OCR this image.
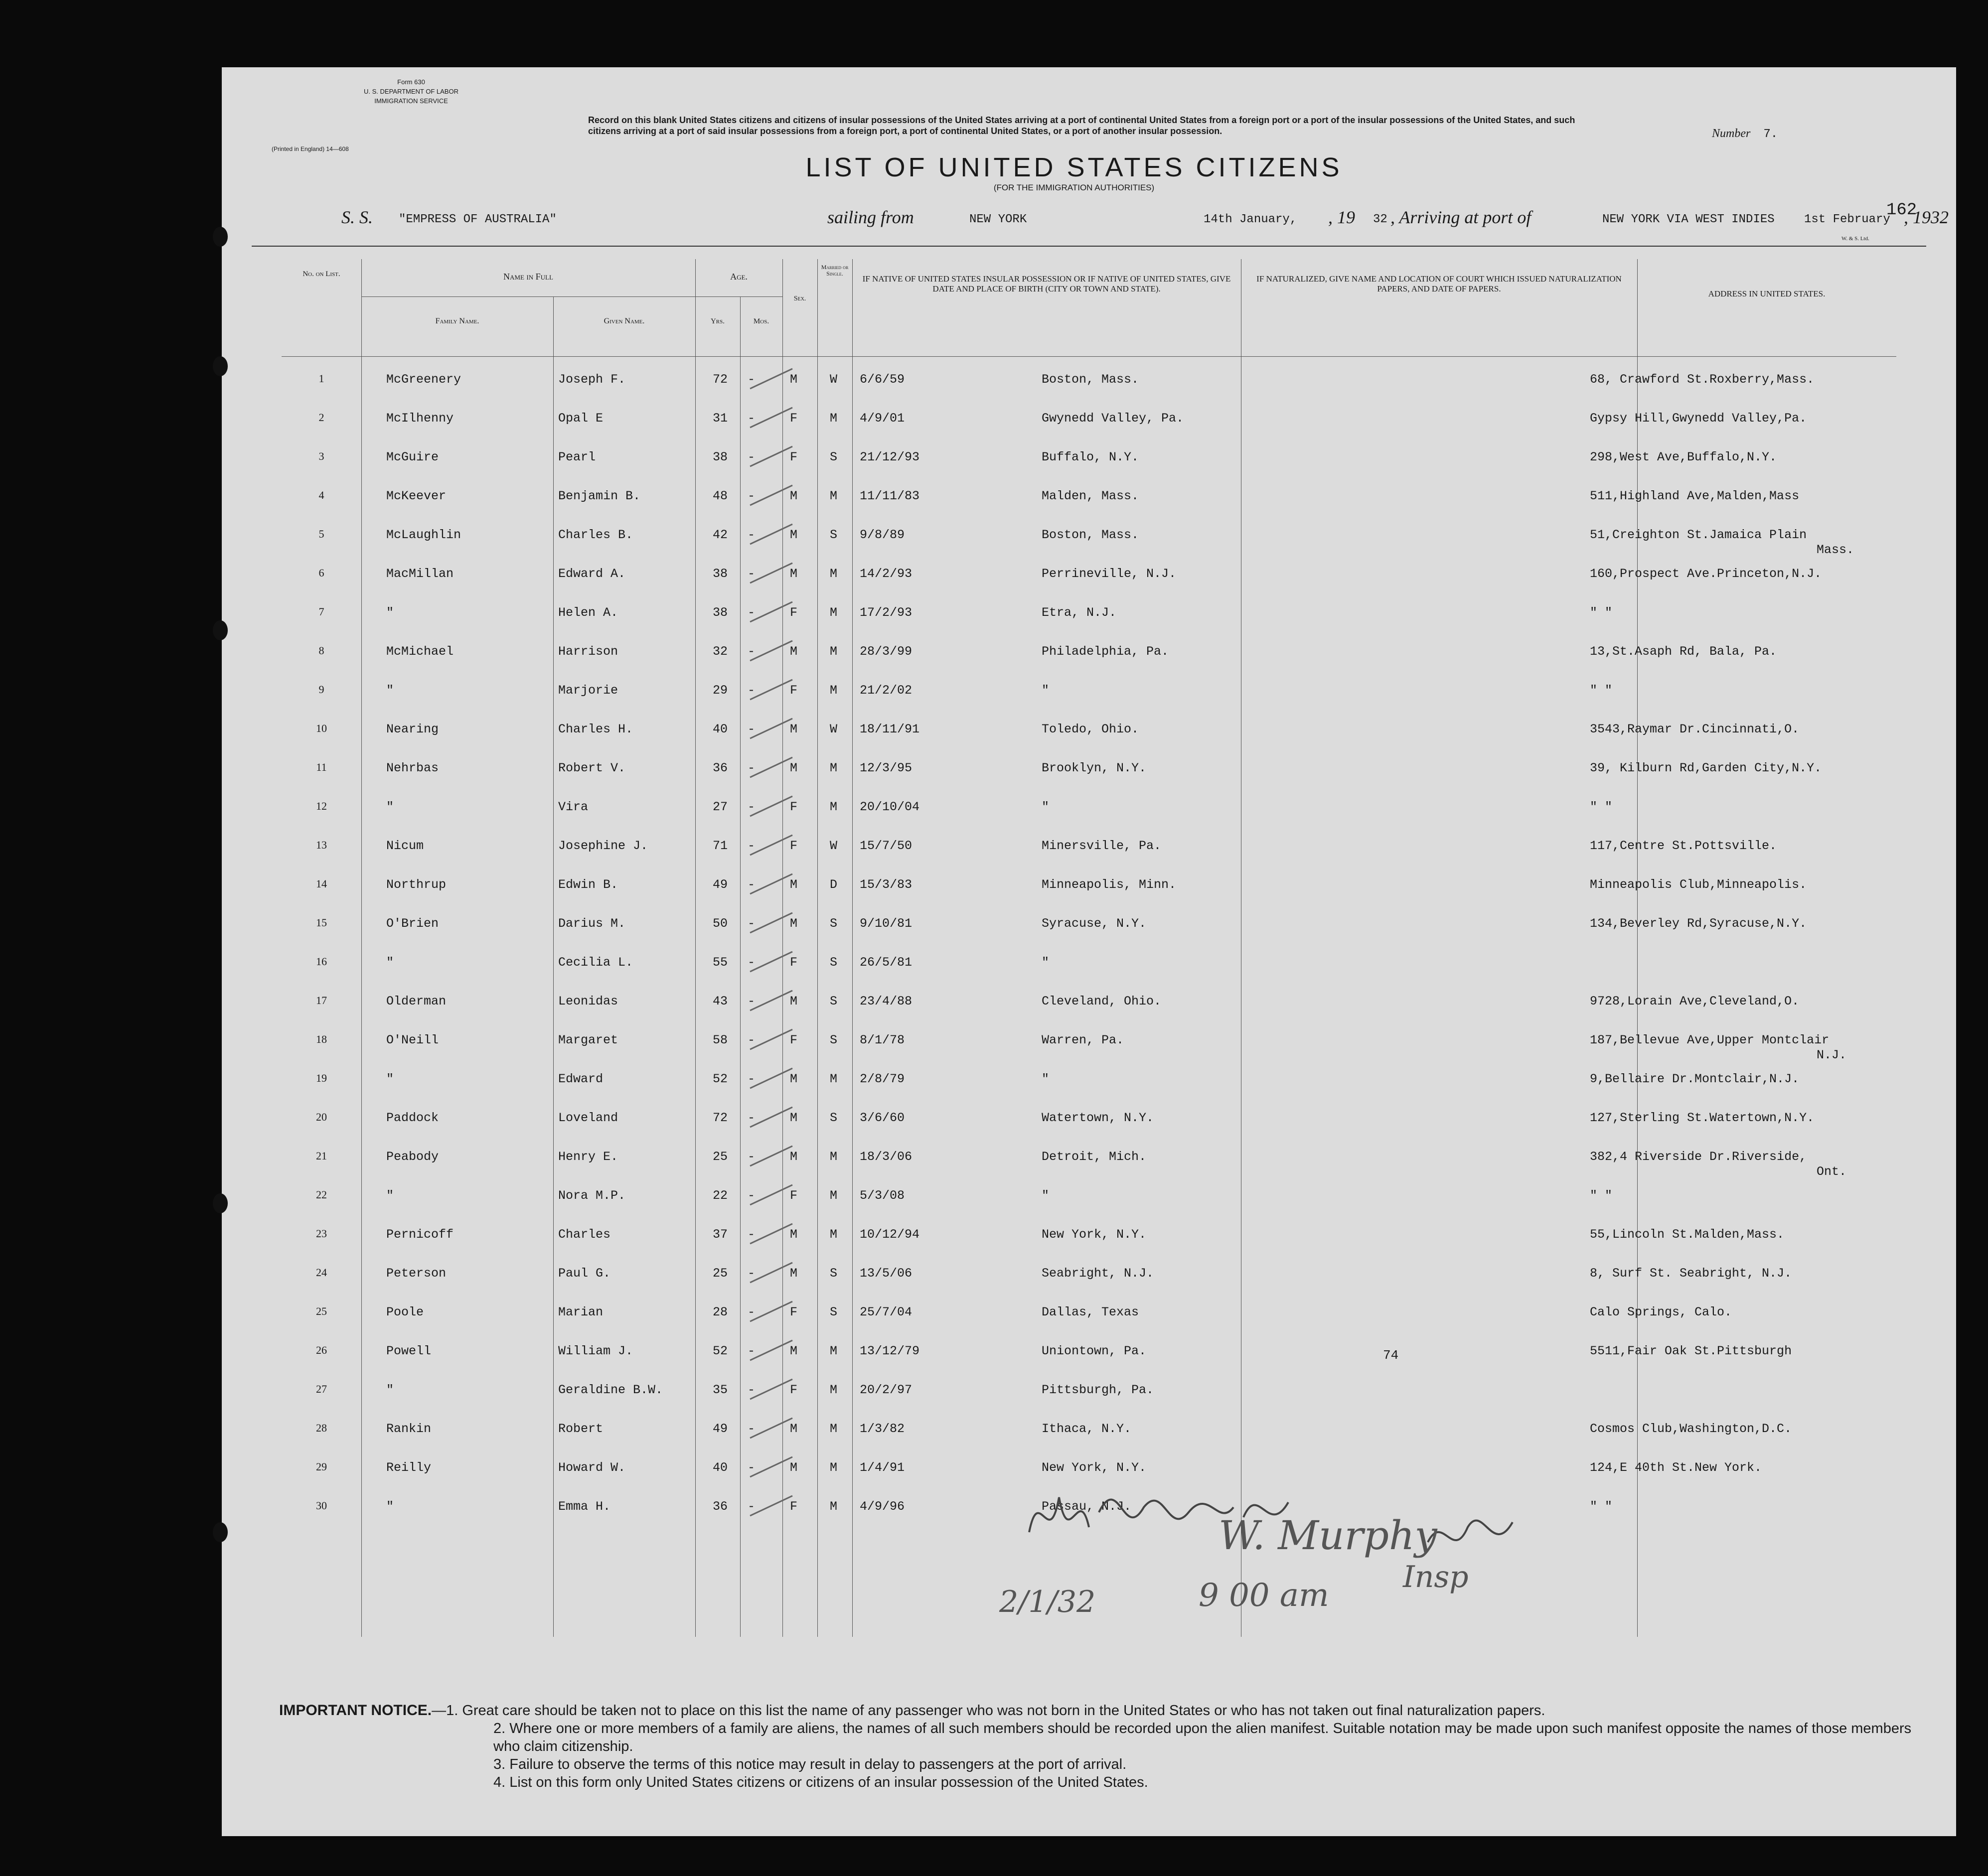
Form 630
U. S. DEPARTMENT OF LABOR
IMMIGRATION SERVICE
(Printed in England) 14—608
Record on this blank United States citizens and citizens of insular possessions of the United States arriving at a port of continental United States from a foreign port or a port of the insular possessions of the United States, and such citizens arriving at a port of said insular possessions from a foreign port, a port of continental United States, or a port of another insular possession.	Number 7.
LIST OF UNITED STATES CITIZENS
(FOR THE IMMIGRATION AUTHORITIES)
S. S. "EMPRESS OF AUSTRALIA"	sailing from	NEW YORK	14th January, , 19 32 , Arriving at port of	NEW YORK VIA WEST INDIES 1st February , 1932
162
W. & S. Ltd.
No. on List.	Name in Full
Family Name.	Given Name.
Age.
Yrs.	Mos.
Sex.
Married or Single.
IF NATIVE OF UNITED STATES INSULAR POSSESSION OR IF NATIVE OF UNITED STATES, GIVE DATE AND PLACE OF BIRTH (CITY OR TOWN AND STATE).
IF NATURALIZED, GIVE NAME AND LOCATION OF COURT WHICH ISSUED NATURALIZATION PAPERS, AND DATE OF PAPERS.
ADDRESS IN UNITED STATES.
1	McGreenery	Joseph F.	72	-	M	W 6/6/59	Boston, Mass.	68, Crawford St.Roxberry,Mass.
2	McIlhenny	Opal E	31	-	F	M 4/9/01	Gwynedd Valley, Pa.	Gypsy Hill,Gwynedd Valley,Pa.
3	McGuire	Pearl	38	-	F	S 21/12/93	Buffalo, N.Y.	298,West Ave,Buffalo,N.Y.
4	McKeever	Benjamin B.	48	-	M	M 11/11/83	Malden, Mass.	511,Highland Ave,Malden,Mass
5	McLaughlin	Charles B.	42	-	M	S 9/8/89	Boston, Mass.	51,Creighton St.Jamaica Plain
Mass.
6	MacMillan	Edward A.	38	-	M	M 14/2/93	Perrineville, N.J.	160,Prospect Ave.Princeton,N.J.
7	"	Helen A.	38	-	F	M 17/2/93	Etra, N.J.	" "
8	McMichael	Harrison	32	-	M	M 28/3/99	Philadelphia, Pa.	13,St.Asaph Rd, Bala, Pa.
9	"	Marjorie	29	-	F	M 21/2/02	"	" "
10	Nearing	Charles H.	40	-	M	W 18/11/91	Toledo, Ohio.	3543,Raymar Dr.Cincinnati,O.
11	Nehrbas	Robert V.	36	-	M	M 12/3/95	Brooklyn, N.Y.	39, Kilburn Rd,Garden City,N.Y.
12	"	Vira	27	-	F	M 20/10/04	"	" "
13	Nicum	Josephine J.	71	-	F	W 15/7/50	Minersville, Pa.	117,Centre St.Pottsville.
14	Northrup	Edwin B.	49	-	M	D 15/3/83	Minneapolis, Minn.	Minneapolis Club,Minneapolis.
15	O'Brien	Darius M.	50	-	M	S 9/10/81	Syracuse, N.Y.	134,Beverley Rd,Syracuse,N.Y.
16	"	Cecilia L.	55	-	F	S 26/5/81	"
17	Olderman	Leonidas	43	-	M	S 23/4/88	Cleveland, Ohio.	9728,Lorain Ave,Cleveland,O.
18	O'Neill	Margaret	58	-	F	S 8/1/78	Warren, Pa.	187,Bellevue Ave,Upper Montclair
N.J.
19	"	Edward	52	-	M	M 2/8/79	"	9,Bellaire Dr.Montclair,N.J.
20	Paddock	Loveland	72	-	M	S 3/6/60	Watertown, N.Y.	127,Sterling St.Watertown,N.Y.
21	Peabody	Henry E.	25	-	M	M 18/3/06	Detroit, Mich.	382,4 Riverside Dr.Riverside,
Ont.
22	"	Nora M.P.	22	-	F	M 5/3/08	"	" "
23	Pernicoff	Charles	37	-	M	M 10/12/94	New York, N.Y.	55,Lincoln St.Malden,Mass.
24	Peterson	Paul G.	25	-	M	S 13/5/06	Seabright, N.J.	8, Surf St. Seabright, N.J.
25	Poole	Marian	28	-	F	S 25/7/04	Dallas, Texas	Calo Springs, Calo.
26	Powell	William J.	52	-	M	M 13/12/79	Uniontown, Pa.	5511,Fair Oak St.Pittsburgh
27	"	Geraldine B.W.	35	-	F	M 20/2/97	Pittsburgh, Pa.
28	Rankin	Robert	49	-	M	M 1/3/82	Ithaca, N.Y.	Cosmos Club,Washington,D.C.
29	Reilly	Howard W.	40	-	M	M 1/4/91	New York, N.Y.	124,E 40th St.New York.
30	"	Emma H.	36	-	F	M 4/9/96	Passau, N.J.	" "
74
2/1/32	9 00 am
W. Murphy
Insp

IMPORTANT NOTICE.—1. Great care should be taken not to place on this list the name of any passenger who was not born in the United States or who has not taken out final naturalization papers.

2. Where one or more members of a family are aliens, the names of all such members should be recorded upon the alien manifest. Suitable notation may be made upon such manifest opposite the names of those members who claim citizenship.

3. Failure to observe the terms of this notice may result in delay to passengers at the port of arrival.

4. List on this form only United States citizens or citizens of an insular possession of the United States.
